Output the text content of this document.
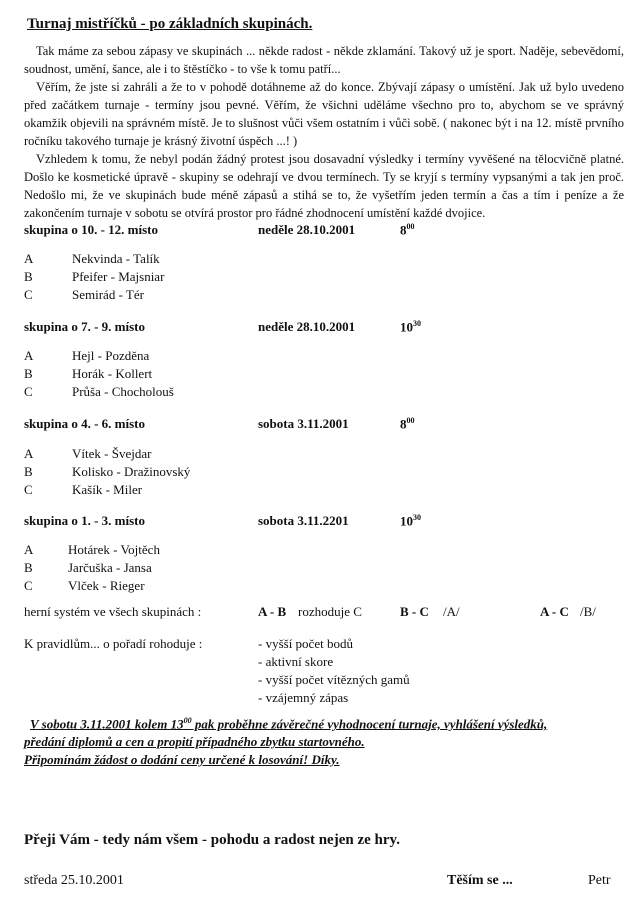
Turnaj mistříčků - po základních skupinách.

Tak máme za sebou zápasy ve skupinách ... někde radost - někde zklamání. Takový už je sport. Naděje, sebevědomí, soudnost, umění, šance, ale i to štěstíčko - to vše k tomu patří...

Věřím, že jste si zahráli a že to v pohodě dotáhneme až do konce. Zbývají zápasy o umístění. Jak už bylo uvedeno před začátkem turnaje - termíny jsou pevné. Věřím, že všichni uděláme všechno pro to, abychom se ve správný okamžik objevili na správném místě. Je to slušnost vůči všem ostatním i vůči sobě. ( nakonec být i na 12. místě prvního ročníku takového turnaje je krásný životní úspěch ...! )

Vzhledem k tomu, že nebyl podán žádný protest jsou dosavadní výsledky i termíny vyvěšené na tělocvičně platné. Došlo ke kosmetické úpravě - skupiny se odehrají ve dvou termínech. Ty se kryjí s termíny vypsanými a tak jen proč. Nedošlo mi, že ve skupinách bude méně zápasů a stihá se to, že vyšetřím jeden termín a čas a tím i peníze a že zakončením turnaje v sobotu se otvírá prostor pro řádné zhodnocení umístění každé dvojice.

skupina o 10. - 12. místo	neděle 28.10.2001	$8^{00}$
A	Nekvinda - Talík
B	Pfeifer - Majsniar
C	Semirád - Tér
skupina o 7. - 9. místo	neděle 28.10.2001	$10^{30}$
A	Hejl - Pozděna
B	Horák - Kollert
C	Průša - Chocholouš
skupina o 4. - 6. místo	sobota 3.11.2001	$8^{00}$
A	Vítek - Švejdar
B	Kolisko - Dražinovský
C	Kašík - Miler
skupina o 1. - 3. místo	sobota 3.11.2201	$10^{30}$
A	Hotárek - Vojtěch
B	Jarčuška - Jansa
C	Vlček - Rieger
herní systém ve všech skupinách :	A - B rozhoduje C	B - C /A/	A - C /B/
K pravidlům... o pořadí rohoduje :	- vyšší počet bodů
- aktivní skore
- vyšší počet vítězných gamů
- vzájemný zápas
V sobotu 3.11.2001 kolem $13^{00}$ pak proběhne závěrečné vyhodnocení turnaje, vyhlášení výsledků,
předání diplomů a cen a propití případného zbytku startovného.
Připomínám žádost o dodání ceny určené k losování! Díky.
Přeji Vám - tedy nám všem - pohodu a radost nejen ze hry.
středa 25.10.2001	Těším se ...	Petr
